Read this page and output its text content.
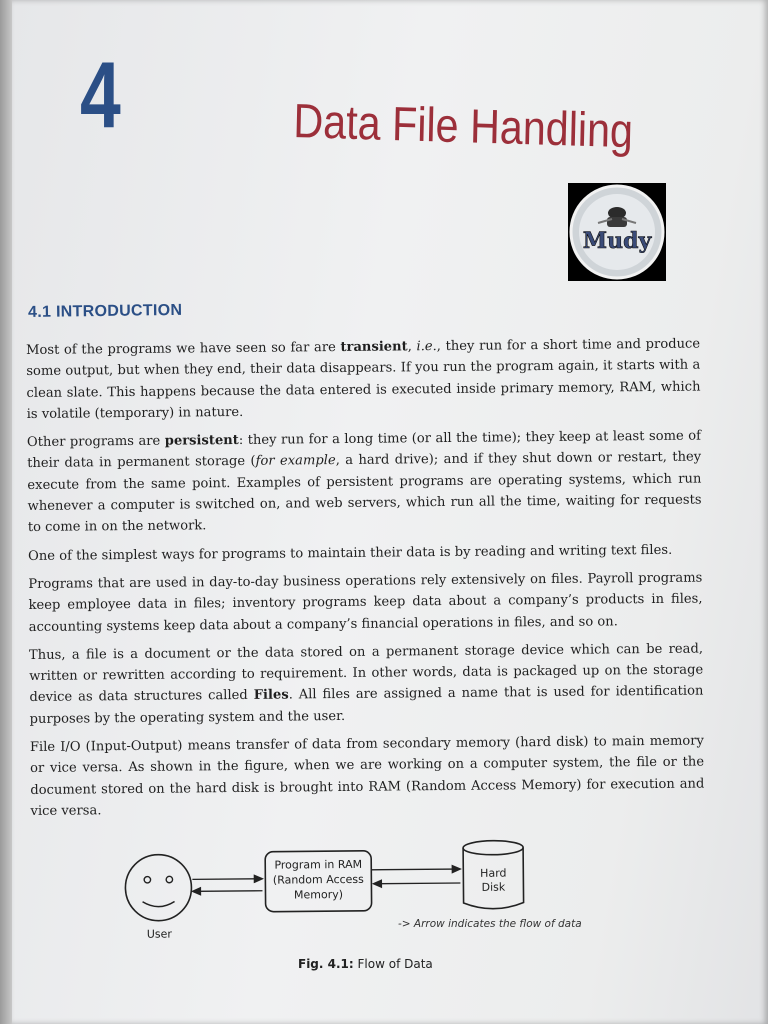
4	Data File Handling
Mudy
4.1 INTRODUCTION

Most of the programs we have seen so far are transient, i.e., they run for a short time and produce some output, but when they end, their data disappears. If you run the program again, it starts with a clean slate. This happens because the data entered is executed inside primary memory, RAM, which is volatile (temporary) in nature.

Other programs are persistent: they run for a long time (or all the time); they keep at least some of their data in permanent storage (for example, a hard drive); and if they shut down or restart, they execute from the same point. Examples of persistent programs are operating systems, which run whenever a computer is switched on, and web servers, which run all the time, waiting for requests to come in on the network.

One of the simplest ways for programs to maintain their data is by reading and writing text files.

Programs that are used in day-to-day business operations rely extensively on files. Payroll programs keep employee data in files; inventory programs keep data about a company’s products in files, accounting systems keep data about a company’s financial operations in files, and so on.

Thus, a file is a document or the data stored on a permanent storage device which can be read, written or rewritten according to requirement. In other words, data is packaged up on the storage device as data structures called Files. All files are assigned a name that is used for identification purposes by the operating system and the user.

File I/O (Input-Output) means transfer of data from secondary memory (hard disk) to main memory or vice versa. As shown in the figure, when we are working on a computer system, the file or the document stored on the hard disk is brought into RAM (Random Access Memory) for execution and vice versa.

User
Program in RAM
(Random Access
Memory)
Hard
Disk
-> Arrow indicates the flow of data
Fig. 4.1: Flow of Data
